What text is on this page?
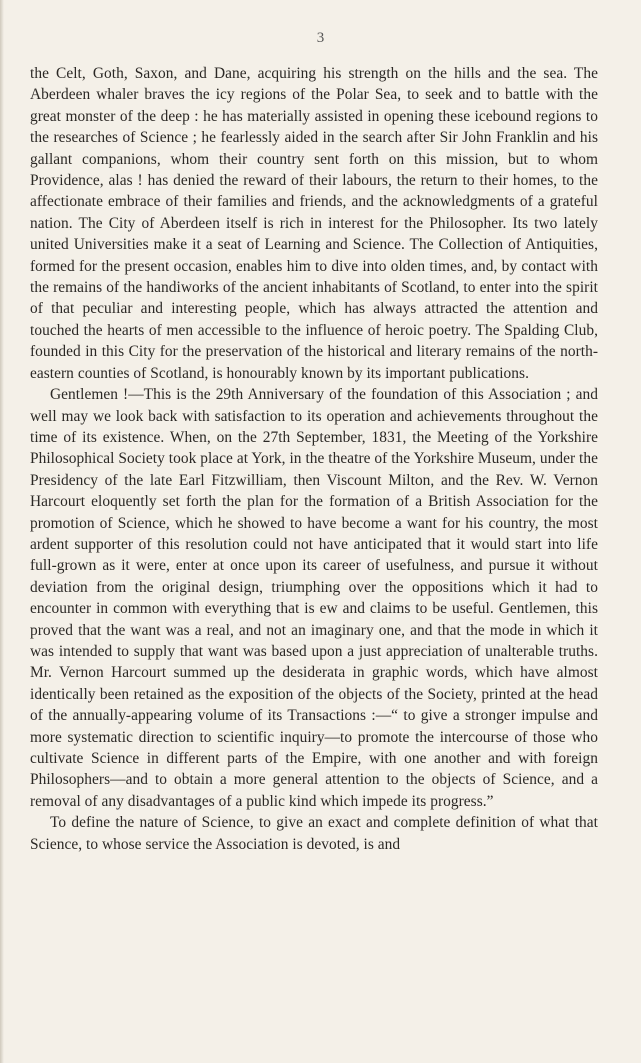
3

the Celt, Goth, Saxon, and Dane, acquiring his strength on the hills and the sea. The Aberdeen whaler braves the icy regions of the Polar Sea, to seek and to battle with the great monster of the deep : he has materially assisted in opening these icebound regions to the researches of Science ; he fearlessly aided in the search after Sir John Franklin and his gallant companions, whom their country sent forth on this mission, but to whom Providence, alas ! has denied the reward of their labours, the return to their homes, to the affectionate embrace of their families and friends, and the acknowledgments of a grateful nation. The City of Aberdeen itself is rich in interest for the Philosopher. Its two lately united Universities make it a seat of Learning and Science. The Collection of Antiquities, formed for the present occasion, enables him to dive into olden times, and, by contact with the remains of the handiworks of the ancient inhabitants of Scotland, to enter into the spirit of that peculiar and interesting people, which has always attracted the attention and touched the hearts of men accessible to the influence of heroic poetry. The Spalding Club, founded in this City for the preservation of the historical and literary remains of the north-eastern counties of Scotland, is honourably known by its important publications.

Gentlemen !—This is the 29th Anniversary of the foundation of this Association ; and well may we look back with satisfaction to its operation and achievements throughout the time of its existence. When, on the 27th September, 1831, the Meeting of the Yorkshire Philosophical Society took place at York, in the theatre of the Yorkshire Museum, under the Presidency of the late Earl Fitzwilliam, then Viscount Milton, and the Rev. W. Vernon Harcourt eloquently set forth the plan for the formation of a British Association for the promotion of Science, which he showed to have become a want for his country, the most ardent supporter of this resolution could not have anticipated that it would start into life full-grown as it were, enter at once upon its career of usefulness, and pursue it without deviation from the original design, triumphing over the oppositions which it had to encounter in common with everything that is ew and claims to be useful. Gentlemen, this proved that the want was a real, and not an imaginary one, and that the mode in which it was intended to supply that want was based upon a just appreciation of unalterable truths. Mr. Vernon Harcourt summed up the desiderata in graphic words, which have almost identically been retained as the exposition of the objects of the Society, printed at the head of the annually-appearing volume of its Transactions :—“ to give a stronger impulse and more systematic direction to scientific inquiry—to promote the intercourse of those who cultivate Science in different parts of the Empire, with one another and with foreign Philosophers—and to obtain a more general attention to the objects of Science, and a removal of any disadvantages of a public kind which impede its progress.”

To define the nature of Science, to give an exact and complete definition of what that Science, to whose service the Association is devoted, is and
